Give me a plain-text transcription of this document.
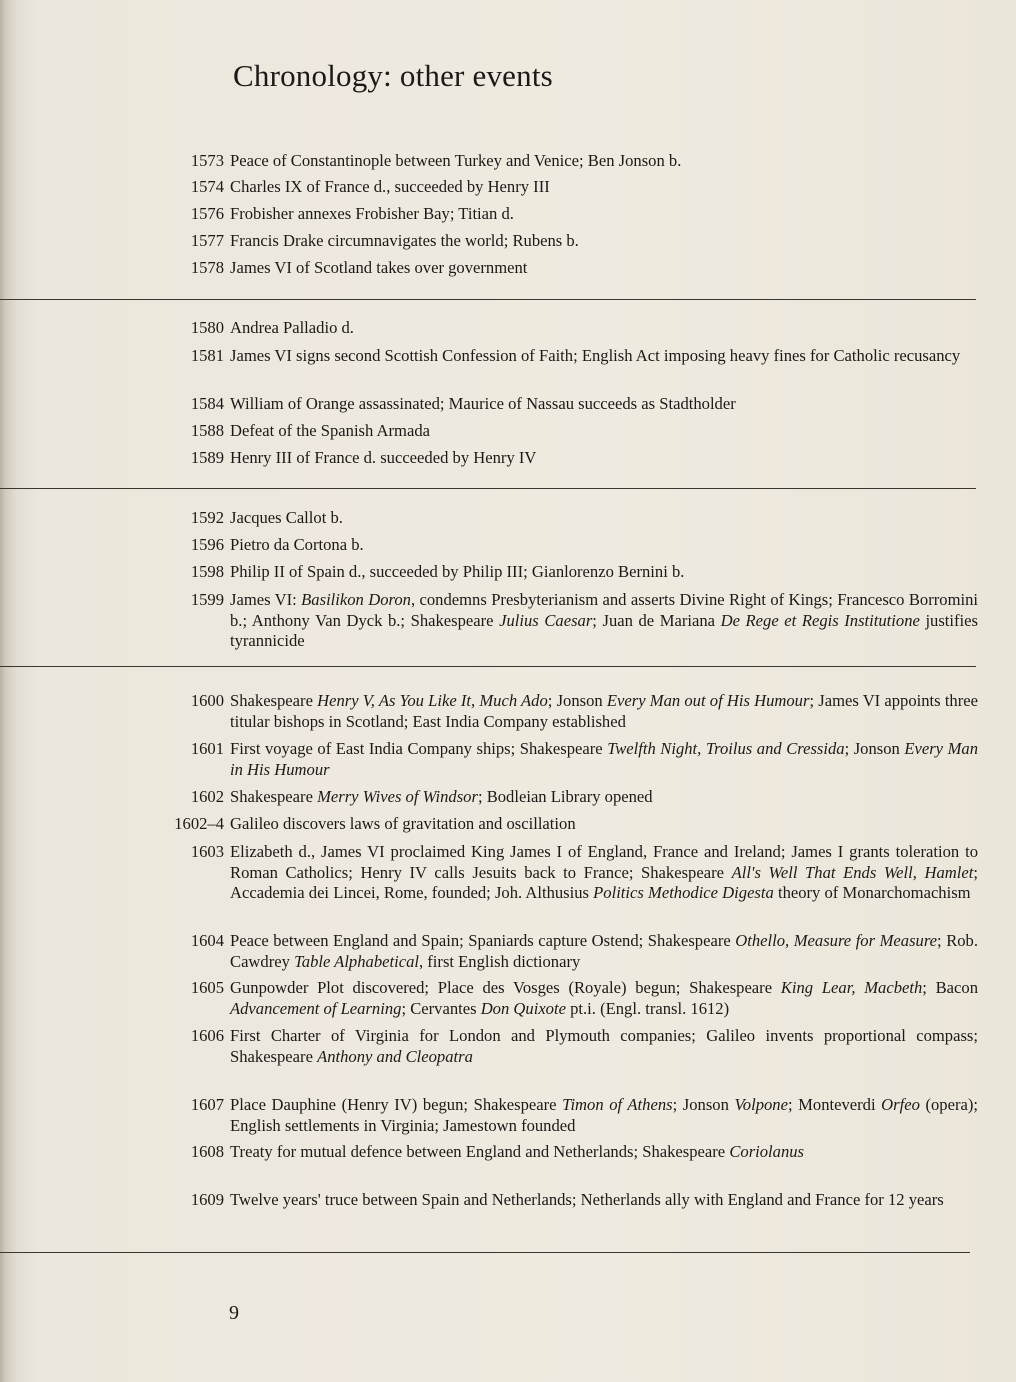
Chronology: other events
1573 Peace of Constantinople between Turkey and Venice; Ben Jonson b.
1574 Charles IX of France d., succeeded by Henry III
1576 Frobisher annexes Frobisher Bay; Titian d.
1577 Francis Drake circumnavigates the world; Rubens b.
1578 James VI of Scotland takes over government
1580 Andrea Palladio d.
1581 James VI signs second Scottish Confession of Faith; English Act imposing heavy fines for Catholic recusancy
1584 William of Orange assassinated; Maurice of Nassau succeeds as Stadtholder
1588 Defeat of the Spanish Armada
1589 Henry III of France d. succeeded by Henry IV
1592 Jacques Callot b.
1596 Pietro da Cortona b.
1598 Philip II of Spain d., succeeded by Philip III; Gianlorenzo Bernini b.
1599 James VI: Basilikon Doron, condemns Presbyterianism and asserts Divine Right of Kings; Francesco Borromini b.; Anthony Van Dyck b.; Shakespeare Julius Caesar; Juan de Mariana De Rege et Regis Institutione justifies tyrannicide
1600 Shakespeare Henry V, As You Like It, Much Ado; Jonson Every Man out of His Humour; James VI appoints three titular bishops in Scotland; East India Company established
1601 First voyage of East India Company ships; Shakespeare Twelfth Night, Troilus and Cressida; Jonson Every Man in His Humour
1602 Shakespeare Merry Wives of Windsor; Bodleian Library opened
1602–4 Galileo discovers laws of gravitation and oscillation
1603 Elizabeth d., James VI proclaimed King James I of England, France and Ireland; James I grants toleration to Roman Catholics; Henry IV calls Jesuits back to France; Shakespeare All's Well That Ends Well, Hamlet; Accademia dei Lincei, Rome, founded; Joh. Althusius Politics Methodice Digesta theory of Monarchomachism
1604 Peace between England and Spain; Spaniards capture Ostend; Shakespeare Othello, Measure for Measure; Rob. Cawdrey Table Alphabetical, first English dictionary
1605 Gunpowder Plot discovered; Place des Vosges (Royale) begun; Shakespeare King Lear, Macbeth; Bacon Advancement of Learning; Cervantes Don Quixote pt.i. (Engl. transl. 1612)
1606 First Charter of Virginia for London and Plymouth companies; Galileo invents proportional compass; Shakespeare Anthony and Cleopatra
1607 Place Dauphine (Henry IV) begun; Shakespeare Timon of Athens; Jonson Volpone; Monteverdi Orfeo (opera); English settlements in Virginia; Jamestown founded
1608 Treaty for mutual defence between England and Netherlands; Shakespeare Coriolanus
1609 Twelve years' truce between Spain and Netherlands; Netherlands ally with England and France for 12 years
9
